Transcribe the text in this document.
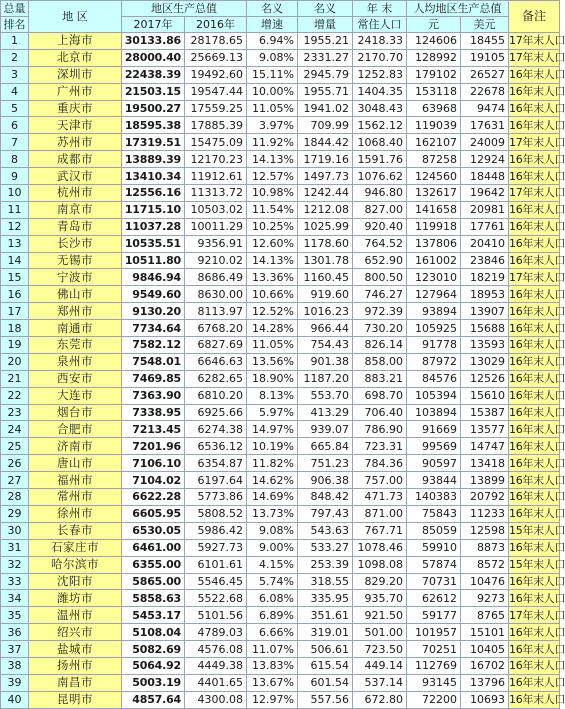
总量	地 区	地区生产总值		名义	名义	年 末	人均地区生产总值		备注
排名		2017年	2016年	增速	增量	常住人口	元	美元	
1	上海市	30133.86	28178.65	6.94%	1955.21	2418.33	124606	18455	17年末人口
2	北京市	28000.40	25669.13	9.08%	2331.27	2170.70	128992	19105	17年末人口
3	深圳市	22438.39	19492.60	15.11%	2945.79	1252.83	179102	26527	16年末人口
4	广州市	21503.15	19547.44	10.00%	1955.71	1404.35	153118	22678	16年末人口
5	重庆市	19500.27	17559.25	11.05%	1941.02	3048.43	63968	9474	16年末人口
6	天津市	18595.38	17885.39	3.97%	709.99	1562.12	119039	17631	16年末人口
7	苏州市	17319.51	15475.09	11.92%	1844.42	1068.40	162107	24009	17年末人口
8	成都市	13889.39	12170.23	14.13%	1719.16	1591.76	87258	12924	16年末人口
9	武汉市	13410.34	11912.61	12.57%	1497.73	1076.62	124560	18448	16年末人口
10	杭州市	12556.16	11313.72	10.98%	1242.44	946.80	132617	19642	17年末人口
11	南京市	11715.10	10503.02	11.54%	1212.08	827.00	141658	20981	16年末人口
12	青岛市	11037.28	10011.29	10.25%	1025.99	920.40	119918	17761	16年末人口
13	长沙市	10535.51	9356.91	12.60%	1178.60	764.52	137806	20410	16年末人口
14	无锡市	10511.80	9210.02	14.13%	1301.78	652.90	161002	23846	16年末人口
15	宁波市	9846.94	8686.49	13.36%	1160.45	800.50	123010	18219	17年末人口
16	佛山市	9549.60	8630.00	10.66%	919.60	746.27	127964	18953	16年末人口
17	郑州市	9130.20	8113.97	12.52%	1016.23	972.39	93894	13907	16年末人口
18	南通市	7734.64	6768.20	14.28%	966.44	730.20	105925	15688	16年末人口
19	东莞市	7582.12	6827.69	11.05%	754.43	826.14	91778	13593	16年末人口
20	泉州市	7548.01	6646.63	13.56%	901.38	858.00	87972	13029	16年末人口
21	西安市	7469.85	6282.65	18.90%	1187.20	883.21	84576	12526	16年末人口
22	大连市	7363.90	6810.20	8.13%	553.70	698.70	105394	15610	16年末人口
23	烟台市	7338.95	6925.66	5.97%	413.29	706.40	103894	15387	16年末人口
24	合肥市	7213.45	6274.38	14.97%	939.07	786.90	91669	13577	16年末人口
25	济南市	7201.96	6536.12	10.19%	665.84	723.31	99569	14747	16年末人口
26	唐山市	7106.10	6354.87	11.82%	751.23	784.36	90597	13418	16年末人口
27	福州市	7104.02	6197.64	14.62%	906.38	757.00	93844	13899	16年末人口
28	常州市	6622.28	5773.86	14.69%	848.42	471.73	140383	20792	16年末人口
29	徐州市	6605.95	5808.52	13.73%	797.43	871.00	75843	11233	16年末人口
30	长春市	6530.05	5986.42	9.08%	543.63	767.71	85059	12598	15年末人口
31	石家庄市	6461.00	5927.73	9.00%	533.27	1078.46	59910	8873	16年末人口
32	哈尔滨市	6355.00	6101.61	4.15%	253.39	1098.08	57874	8572	15年末人口
33	沈阳市	5865.00	5546.45	5.74%	318.55	829.20	70731	10476	16年末人口
34	潍坊市	5858.63	5522.68	6.08%	335.95	935.70	62612	9273	16年末人口
35	温州市	5453.17	5101.56	6.89%	351.61	921.50	59177	8765	17年末人口
36	绍兴市	5108.04	4789.03	6.66%	319.01	501.00	101957	15101	16年末人口
37	盐城市	5082.69	4576.08	11.07%	506.61	723.50	70251	10405	16年末人口
38	扬州市	5064.92	4449.38	13.83%	615.54	449.14	112769	16702	16年末人口
39	南昌市	5003.19	4401.65	13.67%	601.54	537.14	93145	13796	16年末人口
40	昆明市	4857.64	4300.08	12.97%	557.56	672.80	72200	10693	16年末人口
